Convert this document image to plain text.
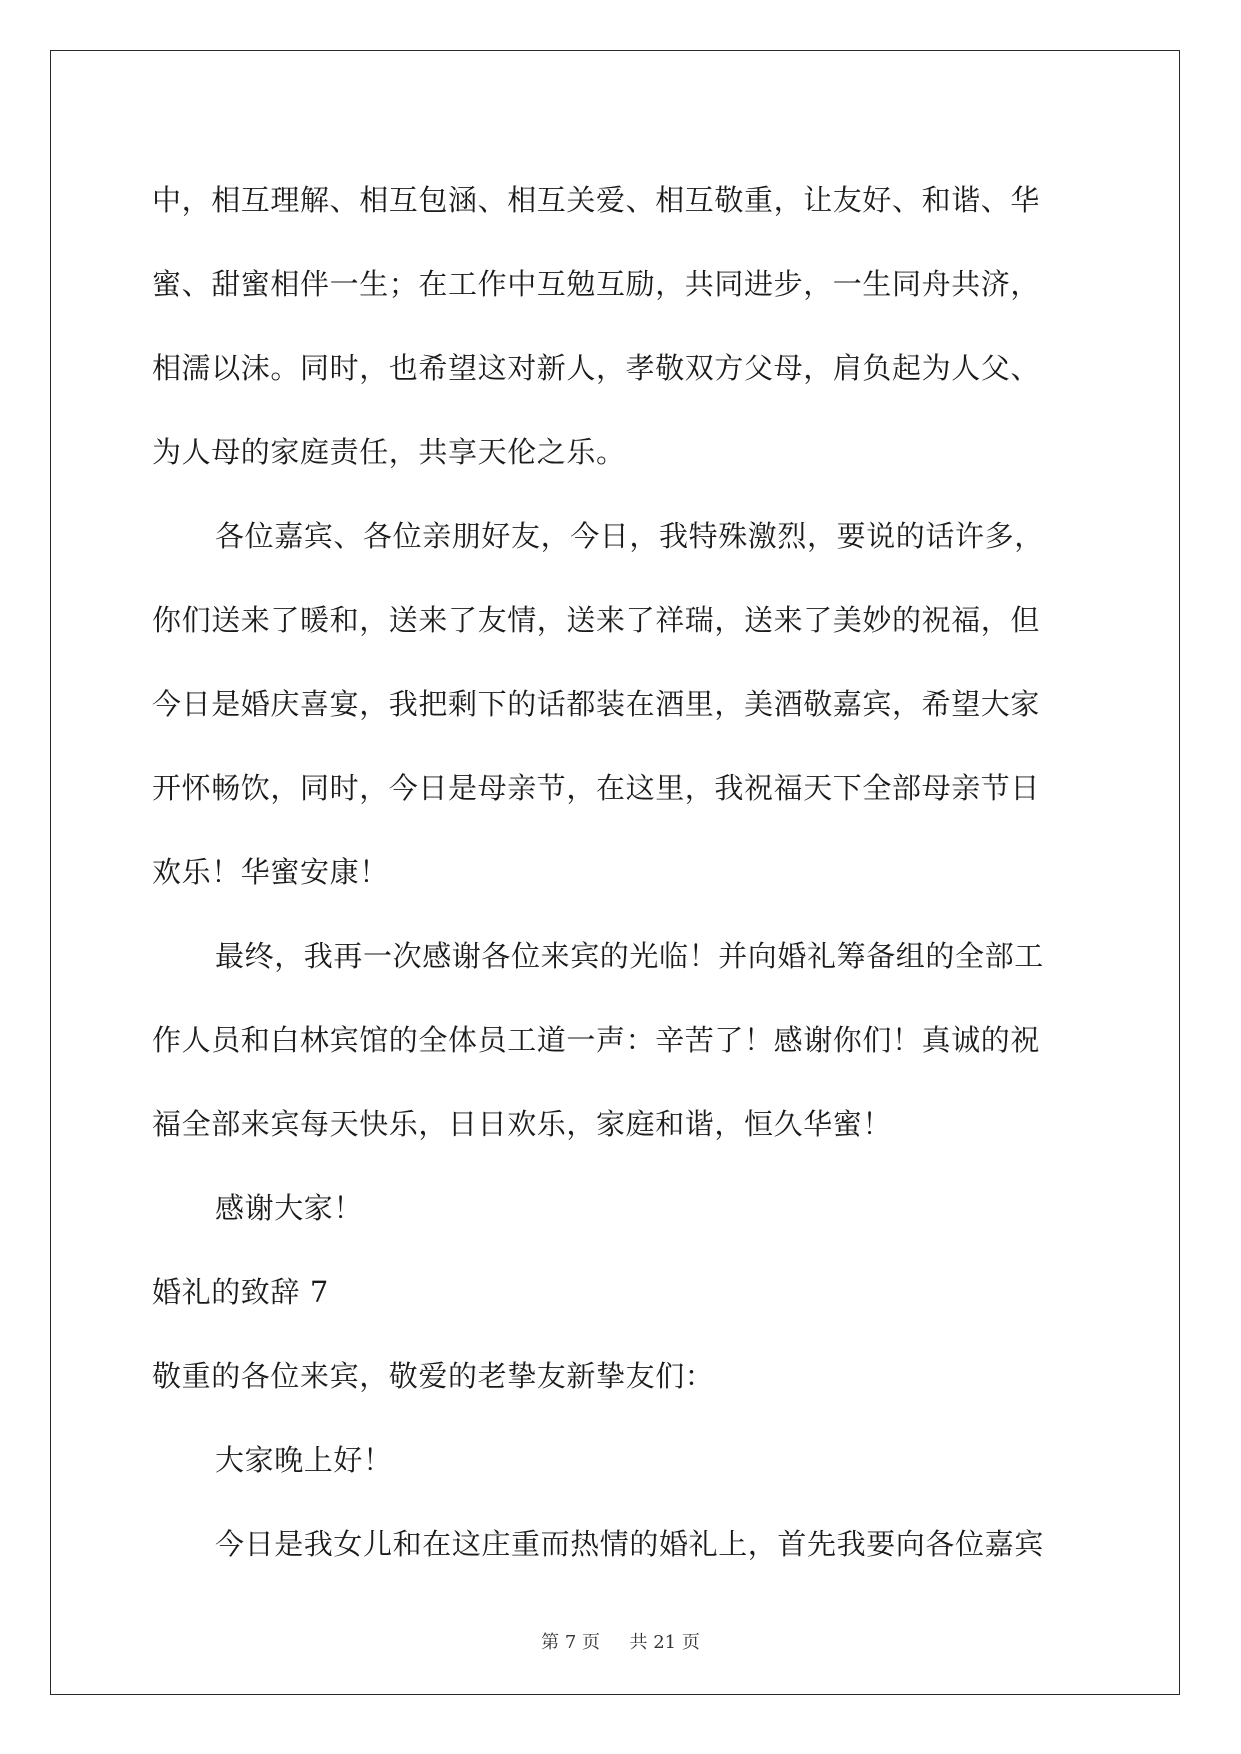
中，相互理解、相互包涵、相互关爱、相互敬重，让友好、和谐、华
蜜、甜蜜相伴一生；在工作中互勉互励，共同进步，一生同舟共济，
相濡以沫。同时，也希望这对新人，孝敬双方父母，肩负起为人父、
为人母的家庭责任，共享天伦之乐。
各位嘉宾、各位亲朋好友，今日，我特殊激烈，要说的话许多，
你们送来了暖和，送来了友情，送来了祥瑞，送来了美妙的祝福，但
今日是婚庆喜宴，我把剩下的话都装在酒里，美酒敬嘉宾，希望大家
开怀畅饮，同时，今日是母亲节，在这里，我祝福天下全部母亲节日
欢乐！华蜜安康！
最终，我再一次感谢各位来宾的光临！并向婚礼筹备组的全部工
作人员和白林宾馆的全体员工道一声：辛苦了！感谢你们！真诚的祝
福全部来宾每天快乐，日日欢乐，家庭和谐，恒久华蜜！
感谢大家！
婚礼的致辞 7
敬重的各位来宾，敬爱的老挚友新挚友们：
大家晚上好！
今日是我女儿和在这庄重而热情的婚礼上，首先我要向各位嘉宾
第 7 页 共 21 页
